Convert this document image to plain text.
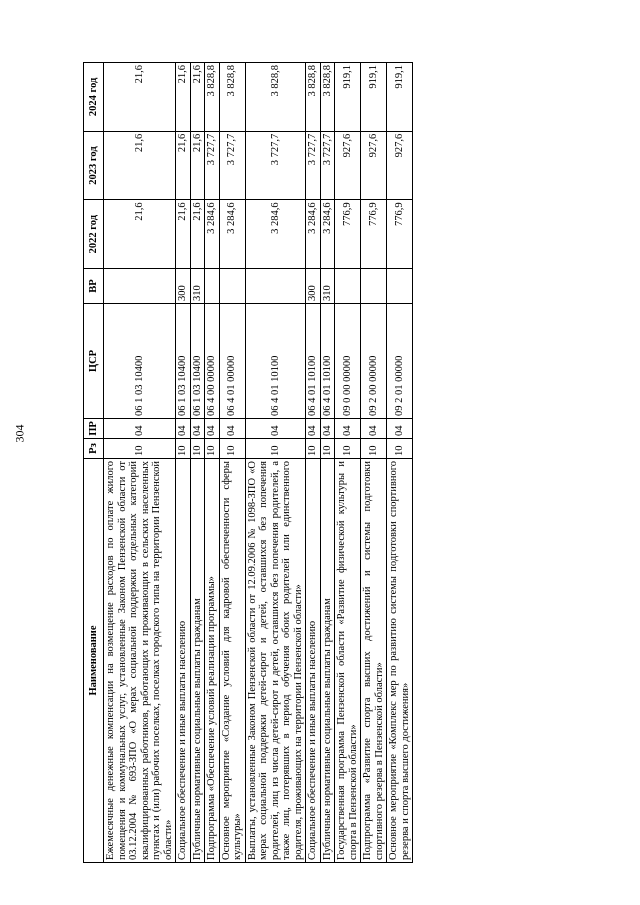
304
Наименование	Рз	ПР	ЦСР	ВР	2022 год	2023 год	2024 год
Ежемесячные денежные компенсации на возмещение расходов по оплате жилого помещения и коммунальных услуг, установленные Законом Пензенской области от 03.12.2004 № 693-ЗПО «О мерах социальной поддержки отдельных категорий квалифицированных работников, работающих и проживающих в сельских населенных пунктах и (или) рабочих поселках, поселках городского типа на территории Пензенской области»	10	04	06 1 03 10400		21,6	21,6	21,6
Социальное обеспечение и иные выплаты населению	10	04	06 1 03 10400	300	21,6	21,6	21,6
Публичные нормативные социальные выплаты гражданам	10	04	06 1 03 10400	310	21,6	21,6	21,6
Подпрограмма «Обеспечение условий реализации программы»	10	04	06 4 00 00000		3 284,6	3 727,7	3 828,8
Основное мероприятие «Создание условий для кадровой обеспеченности сферы культуры»	10	04	06 4 01 00000		3 284,6	3 727,7	3 828,8
Выплаты, установленные Законом Пензенской области от 12.09.2006 № 1098-ЗПО «О мерах социальной поддержки детей-сирот и детей, оставшихся без попечения родителей, лиц из числа детей-сирот и детей, оставшихся без попечения родителей, а также лиц, потерявших в период обучения обоих родителей или единственного родителя, проживающих на территории Пензенской области»	10	04	06 4 01 10100		3 284,6	3 727,7	3 828,8
Социальное обеспечение и иные выплаты населению	10	04	06 4 01 10100	300	3 284,6	3 727,7	3 828,8
Публичные нормативные социальные выплаты гражданам	10	04	06 4 01 10100	310	3 284,6	3 727,7	3 828,8
Государственная программа Пензенской области «Развитие физической культуры и спорта в Пензенской области»	10	04	09 0 00 00000		776,9	927,6	919,1
Подпрограмма «Развитие спорта высших достижений и системы подготовки спортивного резерва в Пензенской области»	10	04	09 2 00 00000		776,9	927,6	919,1
Основное мероприятие «Комплекс мер по развитию системы подготовки спортивного резерва и спорта высшего достижения»	10	04	09 2 01 00000		776,9	927,6	919,1
